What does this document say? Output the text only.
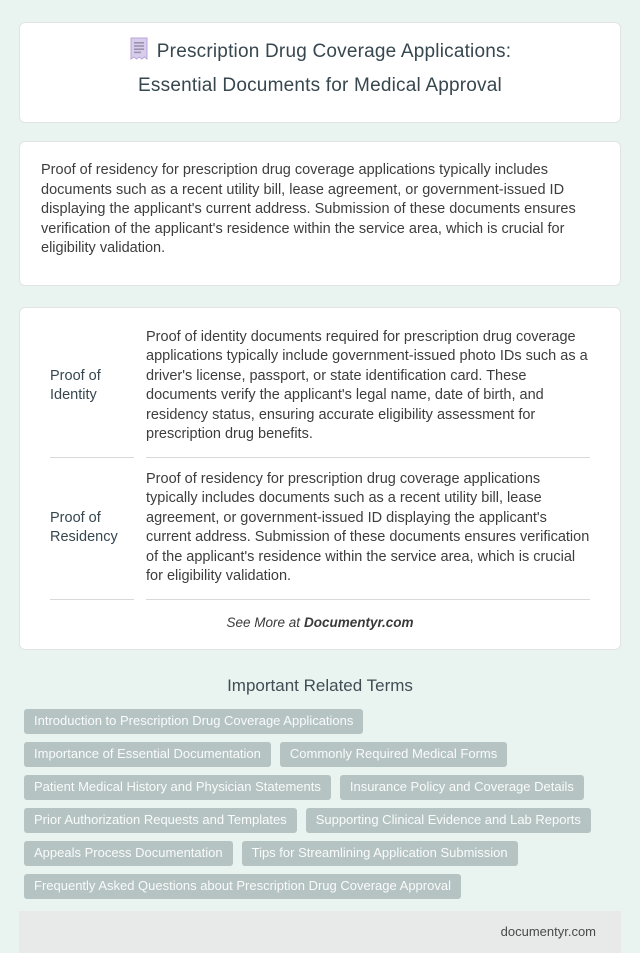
Prescription Drug Coverage Applications: Essential Documents for Medical Approval

Proof of residency for prescription drug coverage applications typically includes documents such as a recent utility bill, lease agreement, or government-issued ID displaying the applicant's current address. Submission of these documents ensures verification of the applicant's residence within the service area, which is crucial for eligibility validation.

Proof of Identity	Proof of identity documents required for prescription drug coverage applications typically include government-issued photo IDs such as a driver's license, passport, or state identification card. These documents verify the applicant's legal name, date of birth, and residency status, ensuring accurate eligibility assessment for prescription drug benefits.
Proof of Residency	Proof of residency for prescription drug coverage applications typically includes documents such as a recent utility bill, lease agreement, or government-issued ID displaying the applicant's current address. Submission of these documents ensures verification of the applicant's residence within the service area, which is crucial for eligibility validation.

See More at Documentyr.com

Important Related Terms
Introduction to Prescription Drug Coverage Applications
Importance of Essential Documentation	Commonly Required Medical Forms
Patient Medical History and Physician Statements	Insurance Policy and Coverage Details
Prior Authorization Requests and Templates	Supporting Clinical Evidence and Lab Reports
Appeals Process Documentation	Tips for Streamlining Application Submission
Frequently Asked Questions about Prescription Drug Coverage Approval
documentyr.com
